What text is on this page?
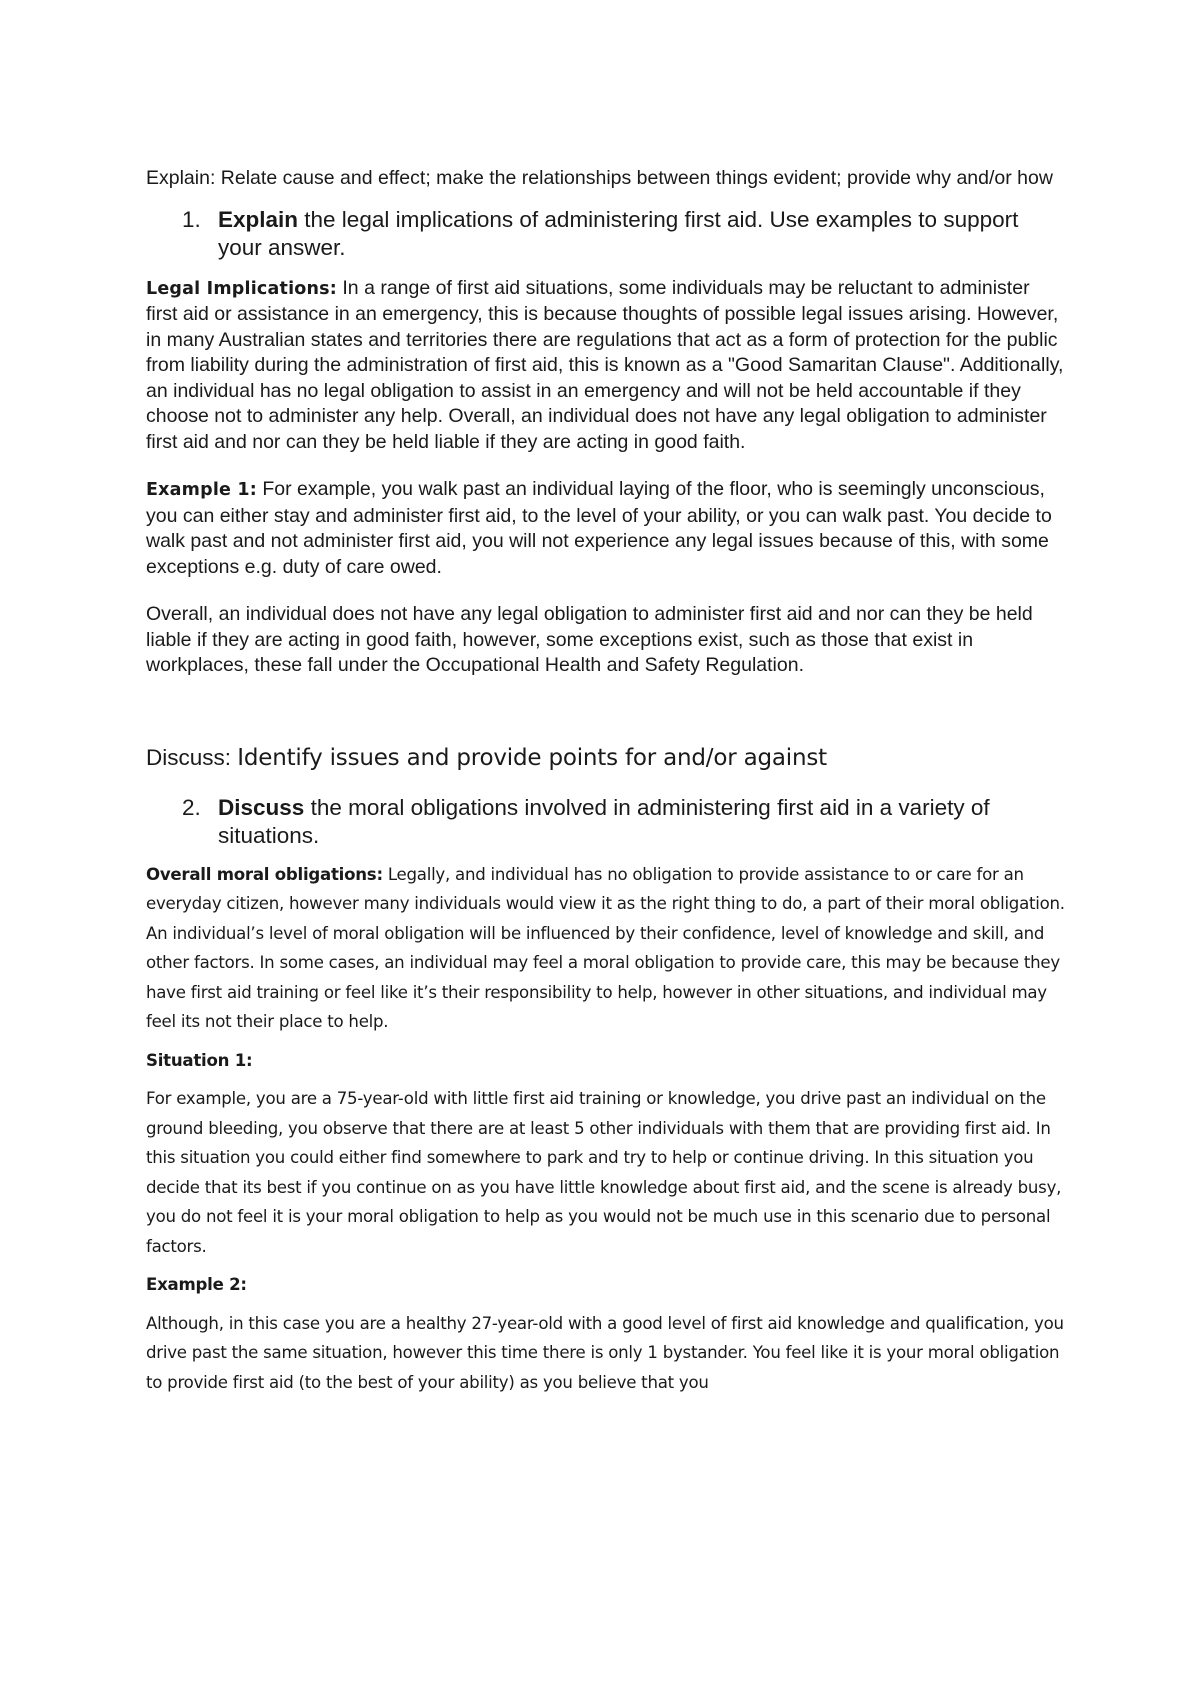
Explain: Relate cause and effect; make the relationships between things evident; provide why and/or how

1. Explain the legal implications of administering first aid. Use examples to support your answer.

Legal Implications: In a range of first aid situations, some individuals may be reluctant to administer first aid or assistance in an emergency, this is because thoughts of possible legal issues arising. However, in many Australian states and territories there are regulations that act as a form of protection for the public from liability during the administration of first aid, this is known as a "Good Samaritan Clause". Additionally, an individual has no legal obligation to assist in an emergency and will not be held accountable if they choose not to administer any help. Overall, an individual does not have any legal obligation to administer first aid and nor can they be held liable if they are acting in good faith.

Example 1: For example, you walk past an individual laying of the floor, who is seemingly unconscious, you can either stay and administer first aid, to the level of your ability, or you can walk past. You decide to walk past and not administer first aid, you will not experience any legal issues because of this, with some exceptions e.g. duty of care owed.

Overall, an individual does not have any legal obligation to administer first aid and nor can they be held liable if they are acting in good faith, however, some exceptions exist, such as those that exist in workplaces, these fall under the Occupational Health and Safety Regulation.

Discuss: Identify issues and provide points for and/or against

2. Discuss the moral obligations involved in administering first aid in a variety of situations.

Overall moral obligations: Legally, and individual has no obligation to provide assistance to or care for an everyday citizen, however many individuals would view it as the right thing to do, a part of their moral obligation. An individual’s level of moral obligation will be influenced by their confidence, level of knowledge and skill, and other factors. In some cases, an individual may feel a moral obligation to provide care, this may be because they have first aid training or feel like it’s their responsibility to help, however in other situations, and individual may feel its not their place to help.

Situation 1:

For example, you are a 75-year-old with little first aid training or knowledge, you drive past an individual on the ground bleeding, you observe that there are at least 5 other individuals with them that are providing first aid. In this situation you could either find somewhere to park and try to help or continue driving. In this situation you decide that its best if you continue on as you have little knowledge about first aid, and the scene is already busy, you do not feel it is your moral obligation to help as you would not be much use in this scenario due to personal factors.

Example 2:

Although, in this case you are a healthy 27-year-old with a good level of first aid knowledge and qualification, you drive past the same situation, however this time there is only 1 bystander. You feel like it is your moral obligation to provide first aid (to the best of your ability) as you believe that you
